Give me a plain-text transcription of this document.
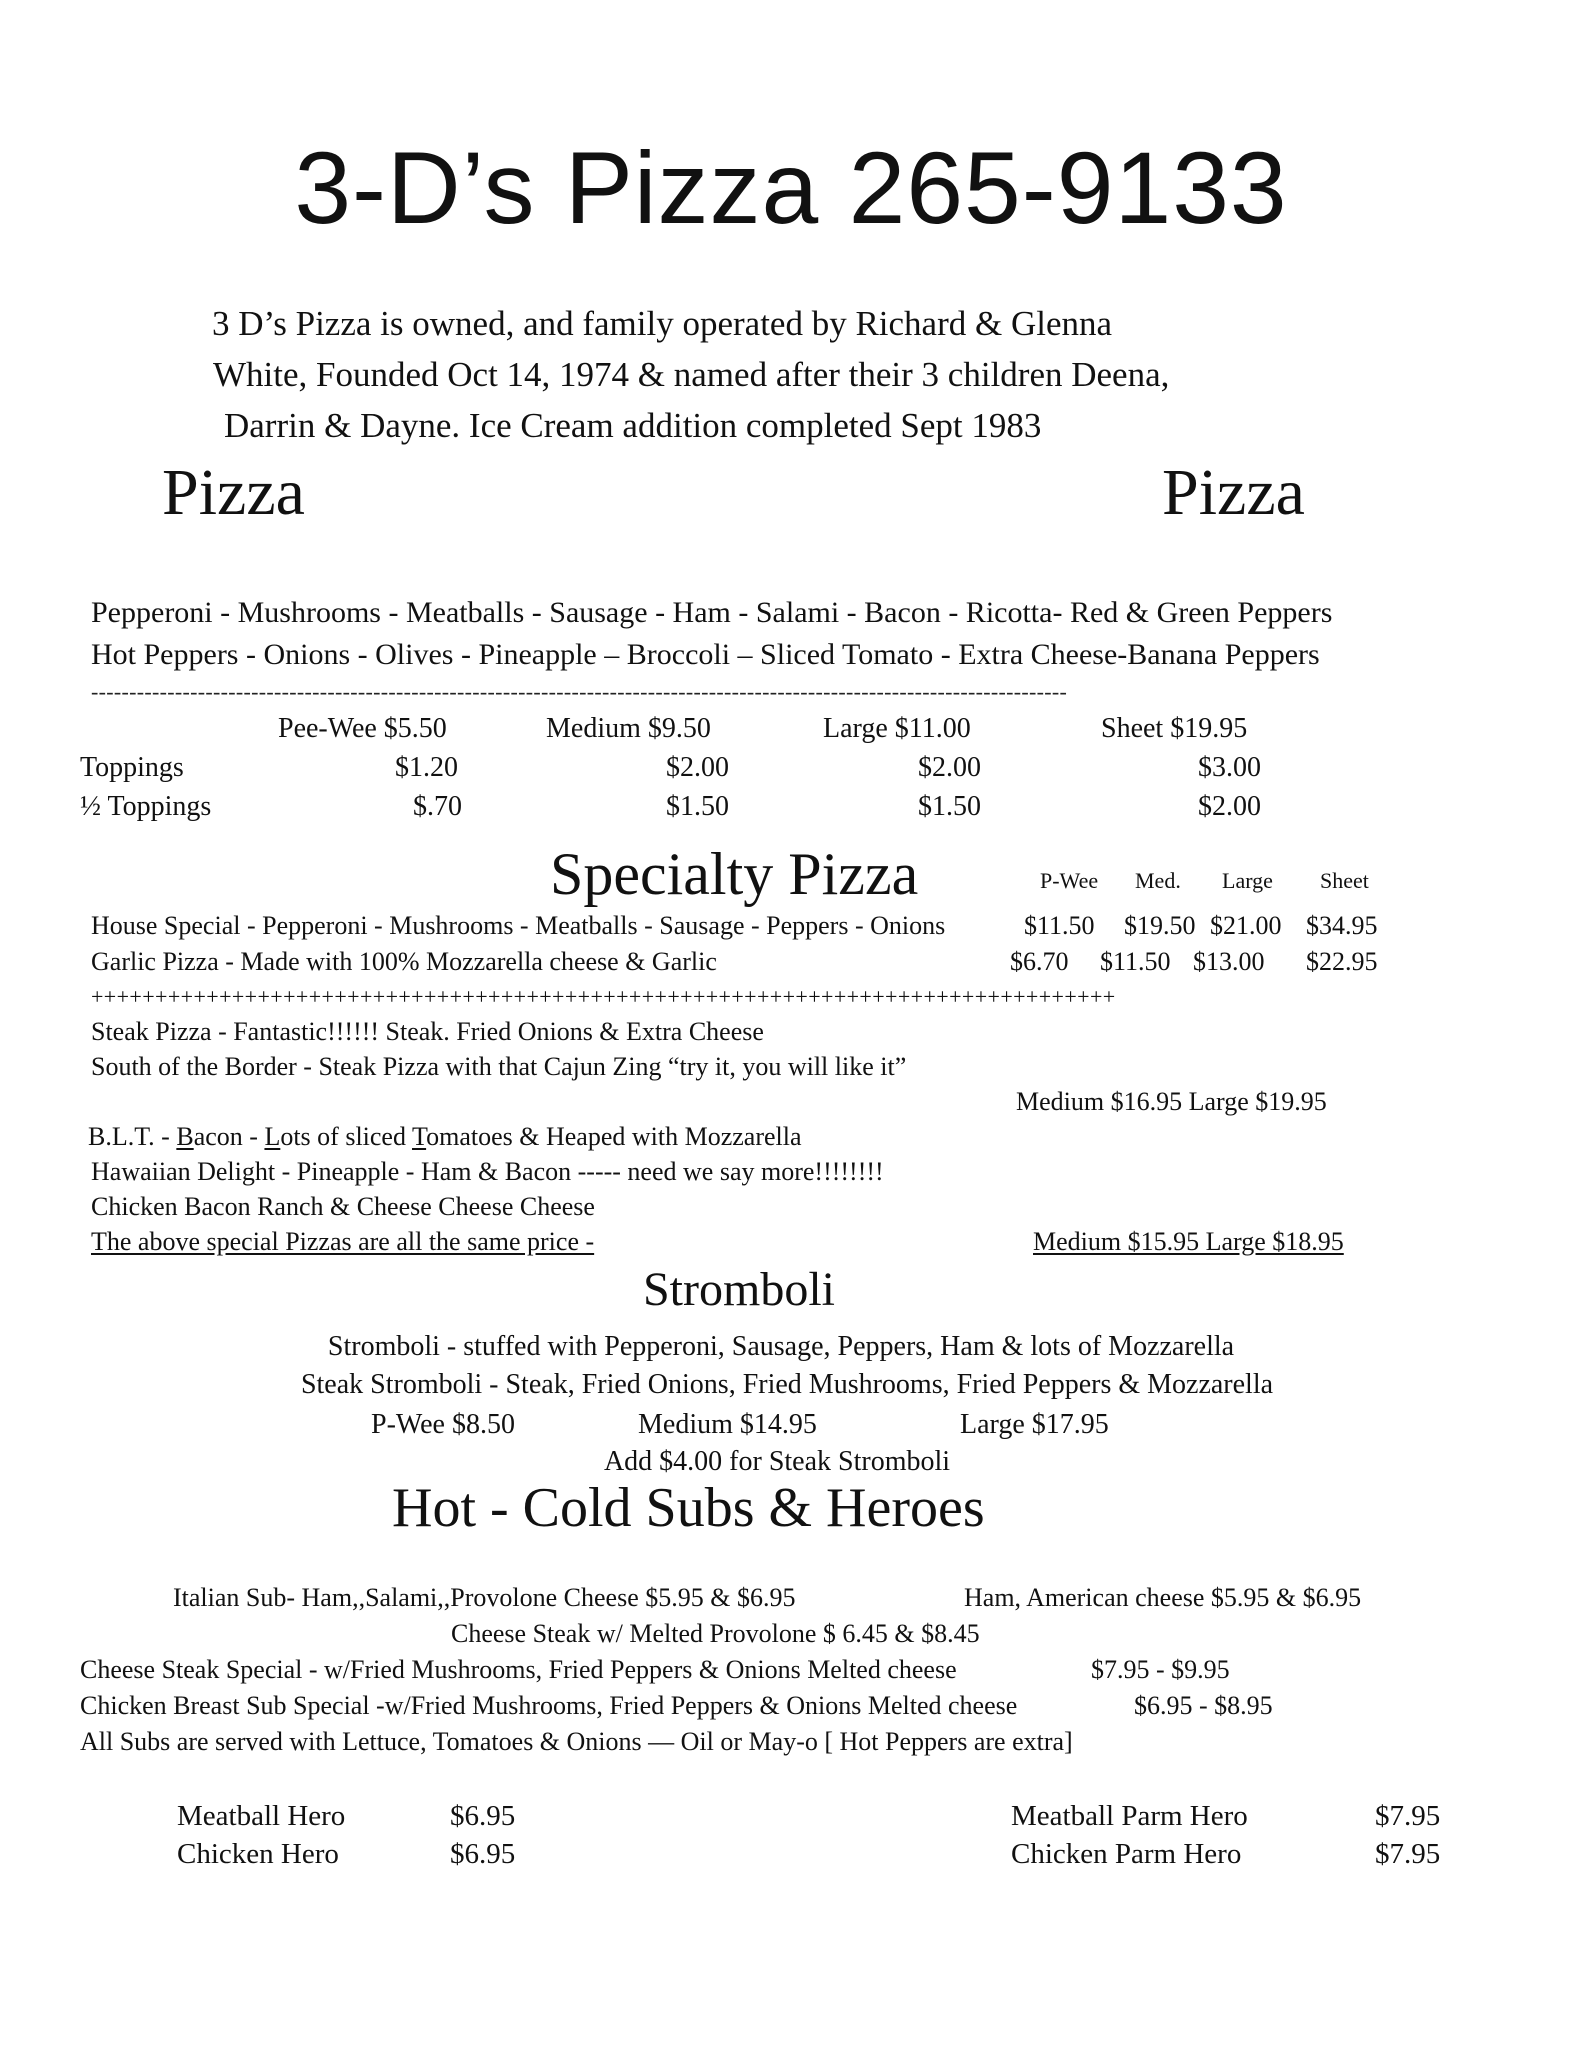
3-D’s Pizza 265-9133
3 D’s Pizza is owned, and family operated by Richard & Glenna
White, Founded Oct 14, 1974 & named after their 3 children Deena,
Darrin & Dayne. Ice Cream addition completed Sept 1983
Pizza	Pizza
Pepperoni - Mushrooms - Meatballs - Sausage - Ham - Salami - Bacon - Ricotta- Red & Green Peppers
Hot Peppers - Onions - Olives - Pineapple – Broccoli – Sliced Tomato - Extra Cheese-Banana Peppers
--------------------------------------------------------------------------------------------------------------------------------
Pee-Wee $5.50	Medium $9.50	Large $11.00	Sheet $19.95
Toppings	$1.20	$2.00	$2.00	$3.00
½ Toppings	$.70	$1.50	$1.50	$2.00
Specialty Pizza	P-Wee Med. Large Sheet
House Special - Pepperoni - Mushrooms - Meatballs - Sausage - Peppers - Onions	$11.50 $19.50 $21.00 $34.95
Garlic Pizza - Made with 100% Mozzarella cheese & Garlic	$6.70 $11.50 $13.00 $22.95
++++++++++++++++++++++++++++++++++++++++++++++++++++++++++++++++++++++++++++++++
Steak Pizza - Fantastic!!!!!! Steak. Fried Onions & Extra Cheese
South of the Border - Steak Pizza with that Cajun Zing “try it, you will like it”
Medium $16.95 Large $19.95
B.L.T. - Bacon - Lots of sliced Tomatoes & Heaped with Mozzarella
Hawaiian Delight - Pineapple - Ham & Bacon ----- need we say more!!!!!!!!
Chicken Bacon Ranch & Cheese Cheese Cheese
The above special Pizzas are all the same price -	Medium $15.95 Large $18.95
Stromboli
Stromboli - stuffed with Pepperoni, Sausage, Peppers, Ham & lots of Mozzarella
Steak Stromboli - Steak, Fried Onions, Fried Mushrooms, Fried Peppers & Mozzarella
P-Wee $8.50	Medium $14.95	Large $17.95
Add $4.00 for Steak Stromboli
Hot - Cold Subs & Heroes
Italian Sub- Ham,,Salami,,Provolone Cheese $5.95 & $6.95	Ham, American cheese $5.95 & $6.95
Cheese Steak w/ Melted Provolone $ 6.45 & $8.45
Cheese Steak Special - w/Fried Mushrooms, Fried Peppers & Onions Melted cheese	$7.95 - $9.95
Chicken Breast Sub Special -w/Fried Mushrooms, Fried Peppers & Onions Melted cheese	$6.95 - $8.95
All Subs are served with Lettuce, Tomatoes & Onions — Oil or May-o [ Hot Peppers are extra]
Meatball Hero	$6.95
Chicken Hero	$6.95
Meatball Parm Hero	$7.95
Chicken Parm Hero	$7.95
